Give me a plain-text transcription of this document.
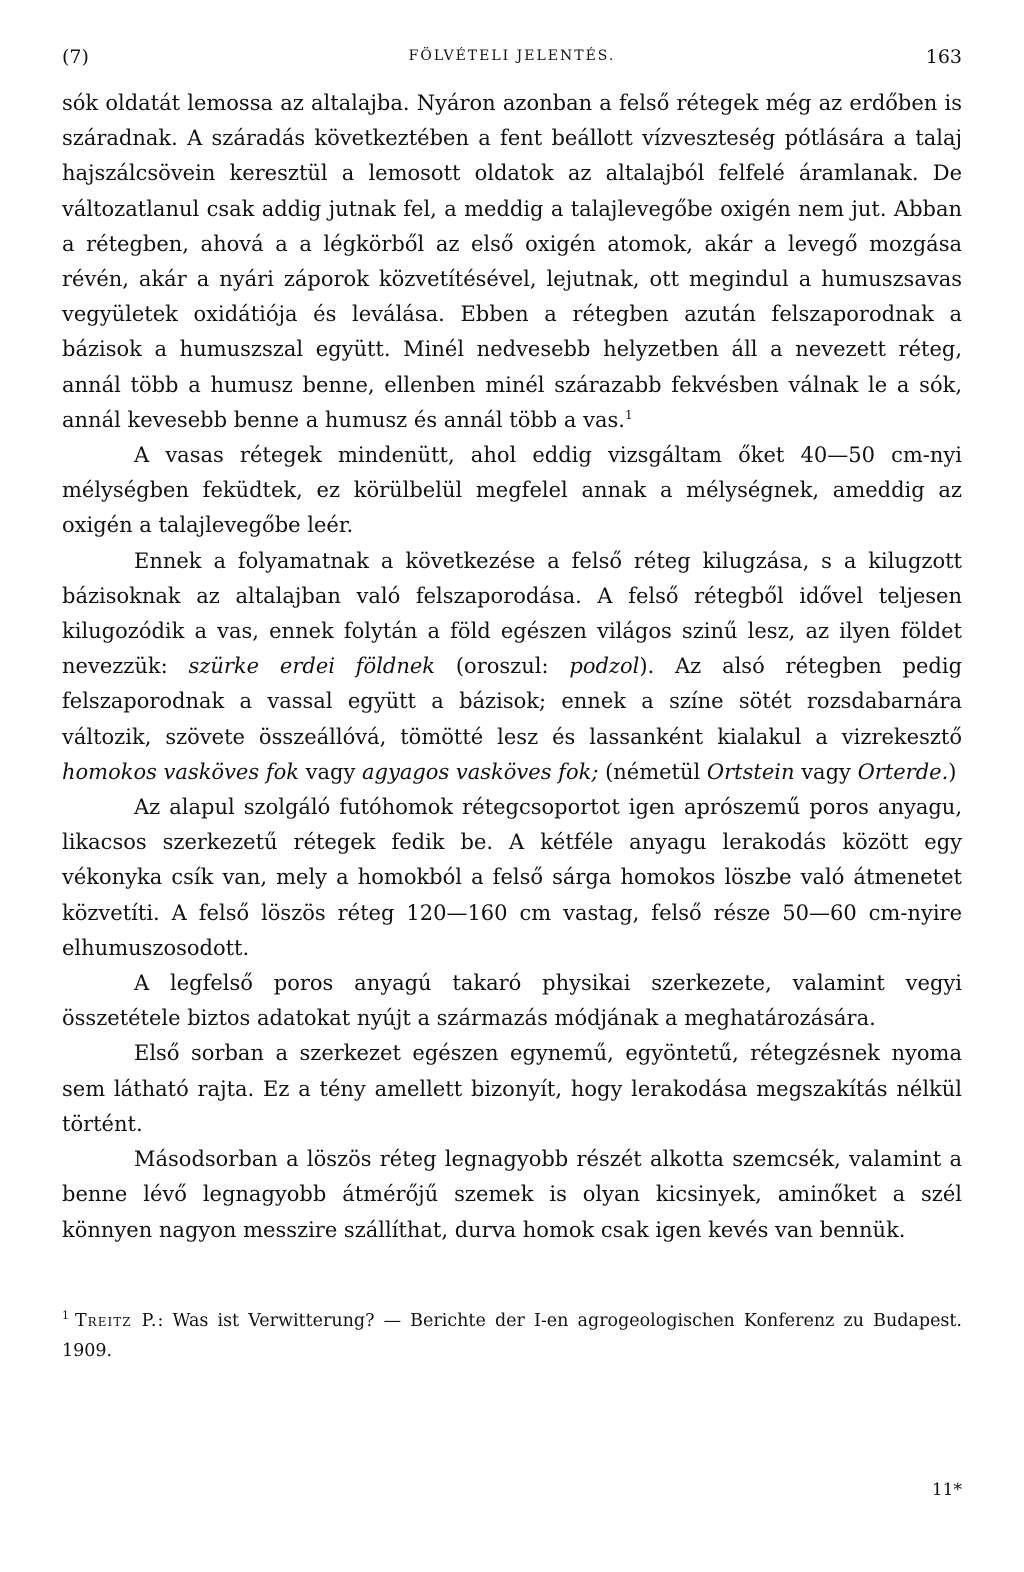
(7)	FÖLVÉTELI JELENTÉS.	163

sók oldatát lemossa az altalajba. Nyáron azonban a felső rétegek még az erdőben is száradnak. A száradás következtében a fent beállott vízveszteség pótlására a talaj hajszálcsövein keresztül a lemosott oldatok az altalajból felfelé áramlanak. De változatlanul csak addig jutnak fel, a meddig a talajlevegőbe oxigén nem jut. Abban a rétegben, ahová a a légkörből az első oxigén atomok, akár a levegő mozgása révén, akár a nyári záporok közvetítésével, lejutnak, ott megindul a humuszsavas vegyületek oxidátiója és leválása. Ebben a rétegben azután felszaporodnak a bázisok a humuszszal együtt. Minél nedvesebb helyzetben áll a nevezett réteg, annál több a humusz benne, ellenben minél szárazabb fekvésben válnak le a sók, annál kevesebb benne a humusz és annál több a vas.$^1$

A vasas rétegek mindenütt, ahol eddig vizsgáltam őket 40—50 cm-nyi mélységben feküdtek, ez körülbelül megfelel annak a mélységnek, ameddig az oxigén a talajlevegőbe leér.

Ennek a folyamatnak a következése a felső réteg kilugzása, s a kilugzott bázisoknak az altalajban való felszaporodása. A felső rétegből idővel teljesen kilugozódik a vas, ennek folytán a föld egészen világos szinű lesz, az ilyen földet nevezzük: szürke erdei földnek (oroszul: podzol). Az alsó rétegben pedig felszaporodnak a vassal együtt a bázisok; ennek a színe sötét rozsdabarnára változik, szövete összeállóvá, tömötté lesz és lassanként kialakul a vizrekesztő homokos vasköves fok vagy agyagos vasköves fok; (németül Ortstein vagy Orterde.)

Az alapul szolgáló futóhomok rétegcsoportot igen aprószemű poros anyagu, likacsos szerkezetű rétegek fedik be. A kétféle anyagu lerakodás között egy vékonyka csík van, mely a homokból a felső sárga homokos löszbe való átmenetet közvetíti. A felső löszös réteg 120—160 cm vastag, felső része 50—60 cm-nyire elhumuszosodott.

A legfelső poros anyagú takaró physikai szerkezete, valamint vegyi összetétele biztos adatokat nyújt a származás módjának a meghatározására.

Első sorban a szerkezet egészen egynemű, egyöntetű, rétegzésnek nyoma sem látható rajta. Ez a tény amellett bizonyít, hogy lerakodása megszakítás nélkül történt.

Másodsorban a löszös réteg legnagyobb részét alkotta szemcsék, valamint a benne lévő legnagyobb átmérőjű szemek is olyan kicsinyek, aminőket a szél könnyen nagyon messzire szállíthat, durva homok csak igen kevés van bennük.

$^1$ Treitz P.: Was ist Verwitterung? — Berichte der I-en agrogeologischen Konferenz zu Budapest. 1909.
11*
